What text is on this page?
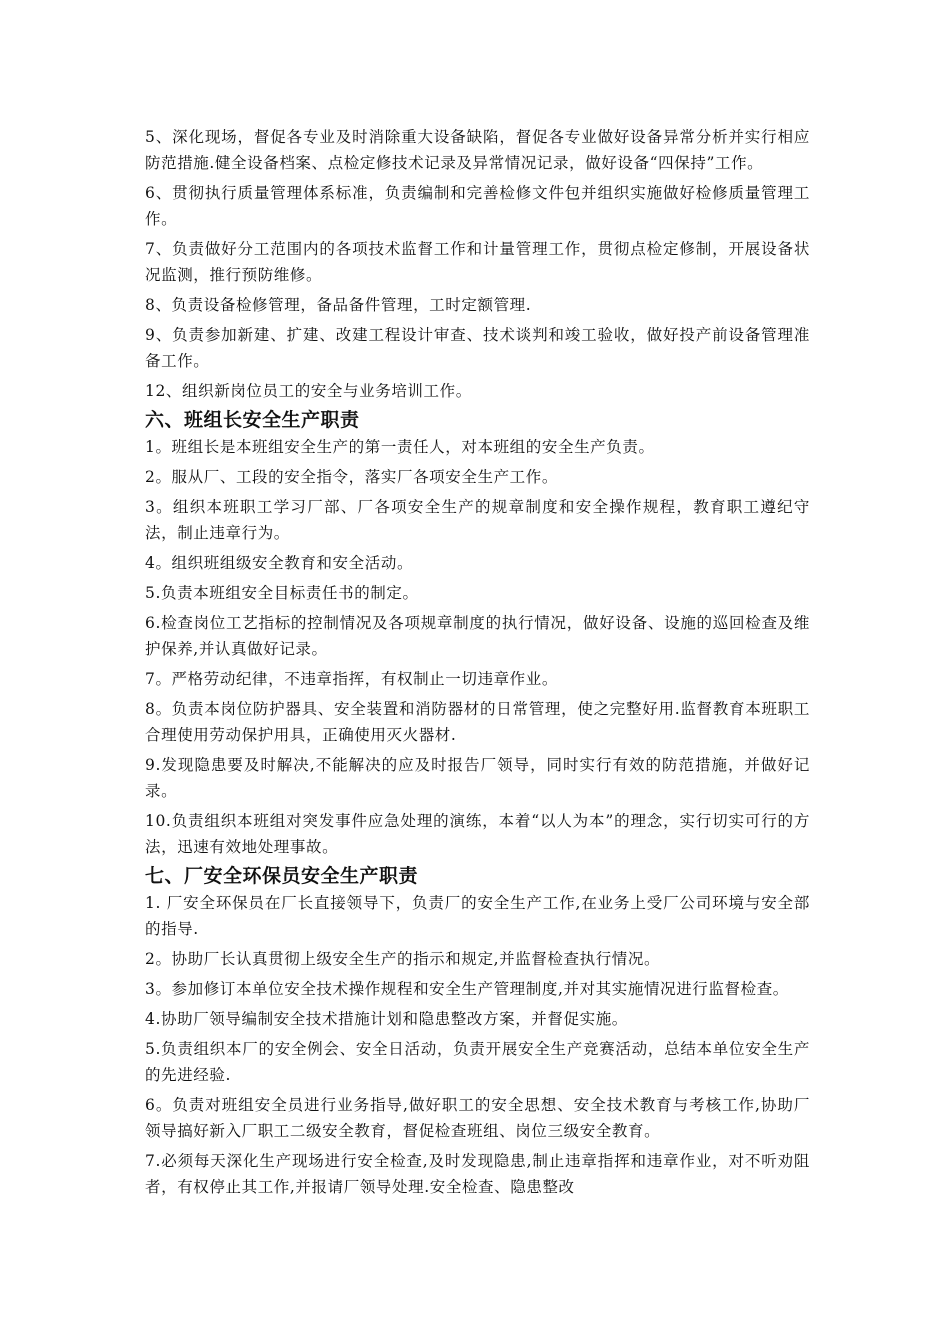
5、深化现场，督促各专业及时消除重大设备缺陷，督促各专业做好设备异常分析并实行相应防范措施.健全设备档案、点检定修技术记录及异常情况记录，做好设备“四保持”工作。

6、贯彻执行质量管理体系标准，负责编制和完善检修文件包并组织实施做好检修质量管理工作。

7、负责做好分工范围内的各项技术监督工作和计量管理工作，贯彻点检定修制，开展设备状况监测，推行预防维修。

8、负责设备检修管理，备品备件管理，工时定额管理.

9、负责参加新建、扩建、改建工程设计审查、技术谈判和竣工验收，做好投产前设备管理准备工作。

12、组织新岗位员工的安全与业务培训工作。

六、班组长安全生产职责

1。班组长是本班组安全生产的第一责任人，对本班组的安全生产负责。

2。服从厂、工段的安全指令，落实厂各项安全生产工作。

3。组织本班职工学习厂部、厂各项安全生产的规章制度和安全操作规程，教育职工遵纪守法，制止违章行为。

4。组织班组级安全教育和安全活动。

5.负责本班组安全目标责任书的制定。

6.检查岗位工艺指标的控制情况及各项规章制度的执行情况，做好设备、设施的巡回检查及维护保养,并认真做好记录。

7。严格劳动纪律，不违章指挥，有权制止一切违章作业。

8。负责本岗位防护器具、安全装置和消防器材的日常管理，使之完整好用.监督教育本班职工合理使用劳动保护用具，正确使用灭火器材.

9.发现隐患要及时解决,不能解决的应及时报告厂领导，同时实行有效的防范措施，并做好记录。

10.负责组织本班组对突发事件应急处理的演练，本着“以人为本”的理念，实行切实可行的方法，迅速有效地处理事故。

七、厂安全环保员安全生产职责

1. 厂安全环保员在厂长直接领导下，负责厂的安全生产工作,在业务上受厂公司环境与安全部的指导.

2。协助厂长认真贯彻上级安全生产的指示和规定,并监督检查执行情况。

3。参加修订本单位安全技术操作规程和安全生产管理制度,并对其实施情况进行监督检查。

4.协助厂领导编制安全技术措施计划和隐患整改方案，并督促实施。

5.负责组织本厂的安全例会、安全日活动，负责开展安全生产竞赛活动，总结本单位安全生产的先进经验.

6。负责对班组安全员进行业务指导,做好职工的安全思想、安全技术教育与考核工作,协助厂领导搞好新入厂职工二级安全教育，督促检查班组、岗位三级安全教育。

7.必须每天深化生产现场进行安全检查,及时发现隐患,制止违章指挥和违章作业，对不听劝阻者，有权停止其工作,并报请厂领导处理.安全检查、隐患整改
